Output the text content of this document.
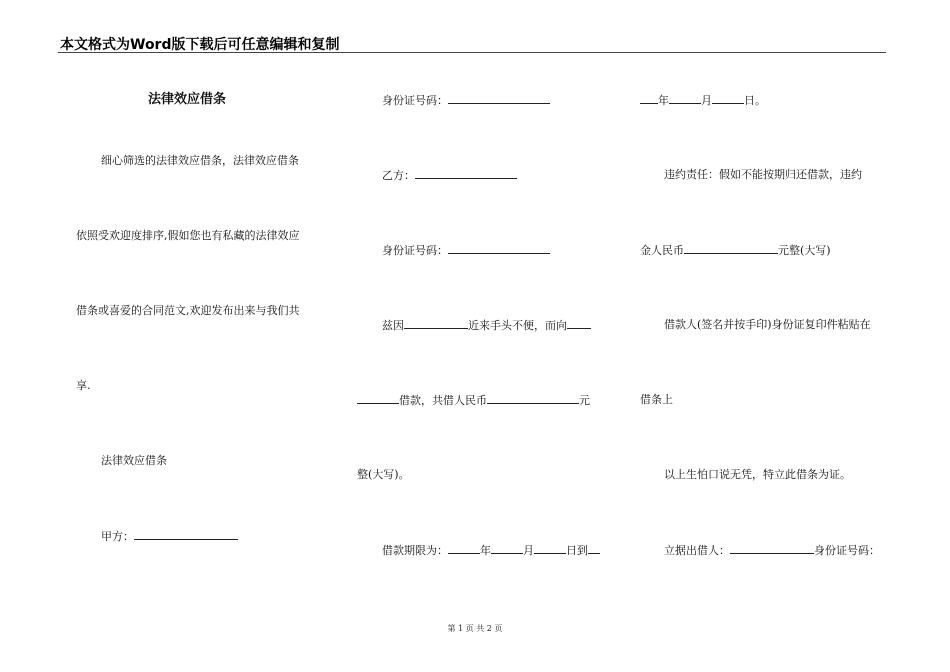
本文格式为Word版下载后可任意编辑和复制
法律效应借条
细心筛选的法律效应借条，法律效应借条
依照受欢迎度排序,假如您也有私藏的法律效应
借条或喜爱的合同范文,欢迎发布出来与我们共
享.
法律效应借条
甲方：
身份证号码：
乙方：
身份证号码：
兹因	近来手头不便，而向
借款，共借人民币	元
整(大写)。
借款期限为：	年	月	日到
年	月	日。
违约责任：假如不能按期归还借款，违约
金人民币	元整(大写)
借款人(签名并按手印)身份证复印件粘贴在
借条上
以上生怕口说无凭，特立此借条为证。
立据出借人：	身份证号码：
第 1 页 共 2 页
